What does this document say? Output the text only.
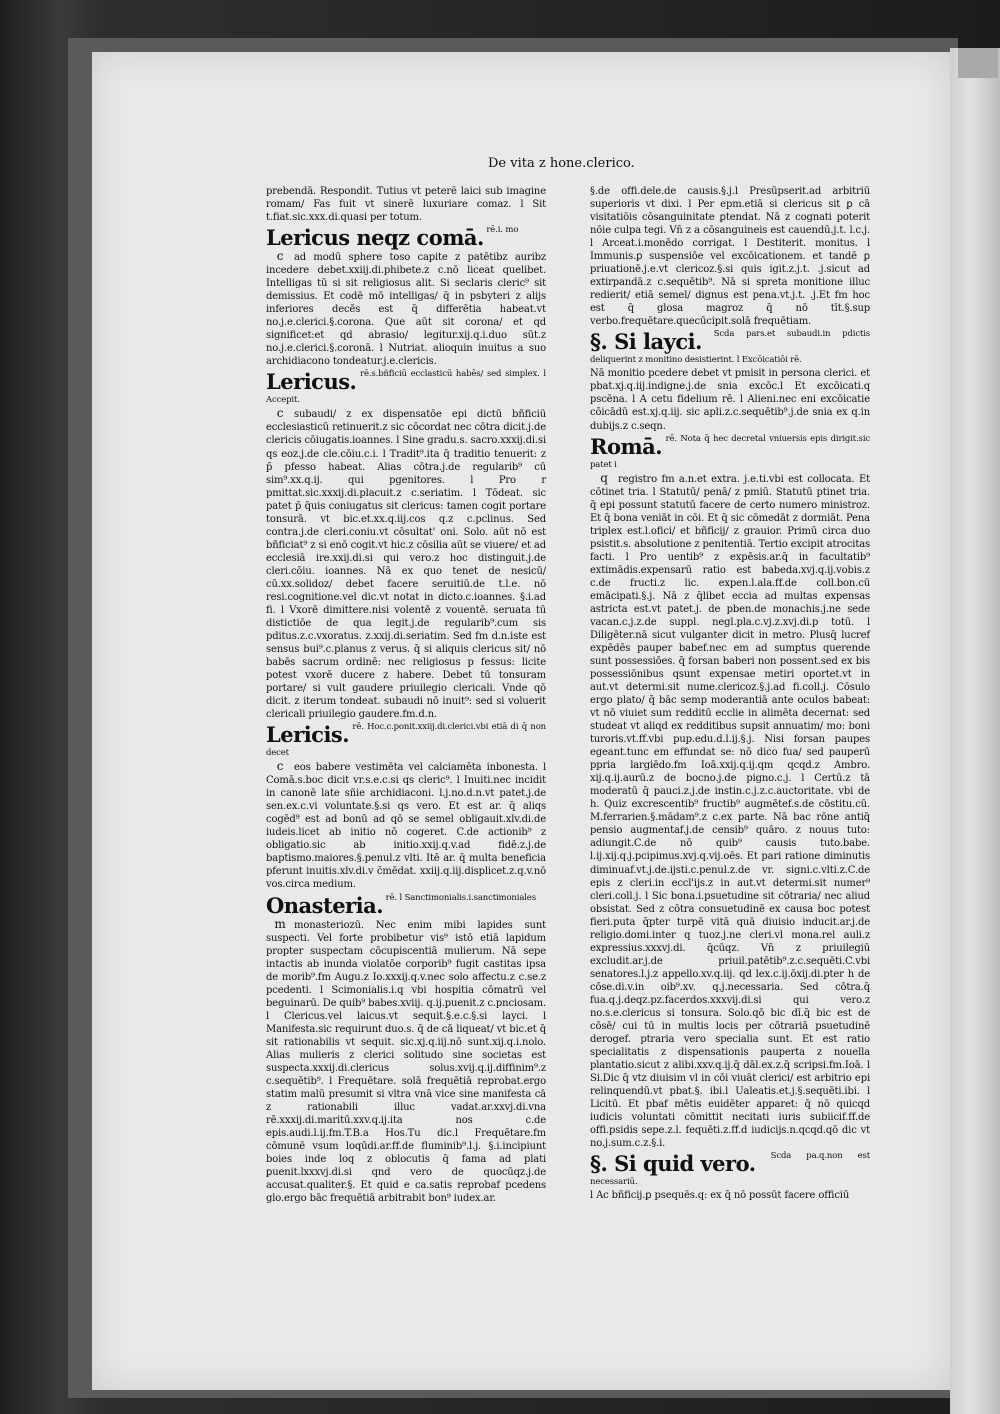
De vita z hone.clerico.

prebendā. Respondit. Tutius vt peterē laici sub imagine romam/ Fas fuit vt sinerē luxuriare comaz. l Sit t.fiat.sic.xxx.di.quasi per totum.

Lericus neqz comā. $^{rē.i. mo}$

c ad modū sphere toso capite z patētibz auribz incedere debet.xxiij.di.phibete.z c.nō liceat quelibet. Intelligas tū si sit religiosus alit. Si seclaris cleric⁹ sit demissius. Et codē mō intelligas/ q̄ in psbyteri z alijs inferiores decēs est q̄ differētia habeat.vt no.j.e.clerici.§.corona. Que aūt sit corona/ et qd significet:et qd abrasio/ legitur.xij.q.i.duo sūt.z no.j.e.clerici.§.coronā. l Nutriat. alioquin inuitus a suo archidiacono tondeatur.j.e.clericis.

Lericus. $^{rē.s.bñficiū ecclasticū habēs/ sed simplex. l Accepit.}$

c subaudi/ z ex dispensatōe epi dictū bñficiū ecclesiasticū retinuerit.z sic cōcordat nec cōtra dicit.j.de clericis cōiugatis.ioannes. l Sine gradu.s. sacro.xxxij.di.si qs eoz.j.de cle.cōiu.c.i. l Tradit⁹.ita q̄ traditio tenuerit: z p̄ pfesso habeat. Alias cōtra.j.de regularib⁹ cū sim⁹.xx.q.ij. qui pgenitores. l Pro r pmittat.sic.xxxij.di.placuit.z c.seriatim. l Tōdeat. sic patet p̄ q̄uis coniugatus sit clericus: tamen cogit portare tonsurā. vt bic.et.xx.q.iij.cos q.z c.pclinus. Sed contra.j.de cleri.coniu.vt cōsultat' oni. Solo. aūt nō est bñficiat⁹ z si enō cogit.vt hic.z cōsilia aūt se viuere/ et ad ecclesiā ire.xxij.di.si qui vero.z hoc distinguit.j.de cleri.cōiu. ioannes. Nā ex quo tenet de nesicū/ cū.xx.solidoz/ debet facere seruitiū.de t.l.e. nō resi.cognitione.vel dic.vt notat in dicto.c.ioannes. §.i.ad fi. l Vxorē dimittere.nisi volentē z vouentē. seruata tū distictiōe de qua legit.j.de regularib⁹.cum sis pditus.z.c.vxoratus. z.xxij.di.seriatim. Sed fm d.n.iste est sensus bui⁹.c.planus z verus. q̄ si aliquis clericus sit/ nō babēs sacrum ordinē: nec religiosus p fessus: licite potest vxorē ducere z habere. Debet tū tonsuram portare/ si vult gaudere priuilegio clericali. Vnde qō dicit. z iterum tondeat. subaudi nō inuit⁹: sed si voluerit clericali priuilegio gaudere.fm.d.n.

Lericis. $^{rē. Hoc.c.ponit.xxiij.di.clerici.vbi etiā di q̄ non decet}$

c eos babere vestimēta vel calciamēta inbonesta. l Comā.s.boc dicit vr.s.e.c.si qs cleric⁹. l Inuiti.nec incidit in canonē late sñie archidiaconi. l.j.no.d.n.vt patet.j.de sen.ex.c.vi voluntate.§.si qs vero. Et est ar. q̄ aliqs cogēd⁹ est ad bonū ad qō se semel obligauit.xlv.di.de iudeis.licet ab initio nō cogeret. C.de actionib⁹ z obligatio.sic ab initio.xxij.q.v.ad fidē.z.j.de baptismo.maiores.§.penul.z vlti. Itē ar. q̄ multa beneficia pferunt inuitis.xlv.di.v c̄mēdat. xxiij.q.iij.displicet.z.q.v.nō vos.circa medium.

Onasteria. $^{rē. l Sanctimonialis.i.sanctimoniales}$

m monasteriozū. Nec enim mibi lapides sunt suspecti. Vel forte probibetur vis⁹ istō etiā lapidum propter suspectam cōcupiscentiā mulierum. Nā sepe intactis ab inunda violatōe corporib⁹ fugit castitas ipsa de morib⁹.fm Augu.z Io.xxxij.q.v.nec solo affectu.z c.se.z pcedenti. l Scimonialis.i.q vbi hospitia cōmatrū vel beguinarū. De quib⁹ babes.xviij. q.ij.puenit.z c.pnciosam. l Clericus.vel laicus.vt sequit.§.e.c.§.si layci. l Manifesta.sic requirunt duo.s. q̄ de cā liqueat/ vt bic.et q̄ sit rationabilis vt sequit. sic.xj.q.iij.nō sunt.xij.q.i.nolo. Alias mulieris z clerici solitudo sine societas est suspecta.xxxij.di.clericus solus.xvij.q.ij.diffinim⁹.z c.sequētib⁹. l Frequētare. solā frequētiā reprobat.ergo statim malū presumit si vltra vnā vice sine manifesta cā z rationabili illuc vadat.ar.xxvj.di.vna rē.xxxij.di.maritū.xxv.q.ij.ita nos c.de epis.audi.l.ij.fm.T.B.a Hos.Tu dic.l Frequētare.fm cōmunē vsum loqūdi.ar.ff.de fluminib⁹.l.j. §.i.incipiunt boies inde loq z oblocutis q̄ fama ad plati ꝑuenit.lxxxvj.di.si qnd vero de quocūqz.j.de accusat.qualiter.§. Et quid e ca.satis reprobaf pcedens glo.ergo bāc frequētiā arbitrabit bon⁹ iudex.ar.

§.de offi.dele.de causis.§.j.l Presūpserit.ad arbitriū superioris vt dixi. l Per epm.etiā si clericus sit ꝑ cā visitatiōis cōsanguinitate ꝑtendat. Nā z cognati poterit nōie culpa tegi. Vn̄ z a cōsanguineis est cauendū.j.t. l.c.j. l Arceat.i.monēdo corrigat. l Destiterit. monitus. l Immunis.ꝑ suspensiōe vel excōicationem. et tandē ꝑ priuationē.j.e.vt clericoz.§.si quis igit.z.j.t. .j.sicut ad extirpandā.z c.sequētib⁹. Nā si spreta monitione illuc redierit/ etiā semel/ dignus est pena.vt.j.t. .j.Et fm hoc est q̄ glosa magroz q̄ nō tīt.§.sup verbo.frequētare.quecūcipit.solā frequētiam.

§. Si layci. $^{Scda pars.et subaudi.in pdictis deliquerint z monitino desistierint. l Excōicatiōi rē.}$

Nā monitio pcedere debet vt pmisit in persona clerici. et pbat.xj.q.iij.indigne.j.de snia excōc.l Et excōicati.q pscēna. l A cetu fidelium rē. l Alieni.nec eni excōicatie cōicādū est.xj.q.iij. sic apli.z.c.sequētib⁹.j.de snia ex q.in dubijs.z c.seqn.

Romā. $^{rē. Nota q̄ hec decretal vniuersis epis dirigit.sic patet i}$

q registro fm a.n.et extra. j.e.ti.vbi est collocata. Et cōtinet tria. l Statutū/ penā/ z pmiū. Statutū ptinet tria. q̄ epi possunt statutū facere de certo numero ministroz. Et q̄ bona veniāt in cōi. Et q̄ sic cōmedāt z dormiāt. Pena triplex est.l.ofici/ et bñficij/ z grauior. Primū circa duo psistit.s. absolutione z penitentiā. Tertio excipit atrocitas facti. l Pro uentib⁹ z expēsis.ar.q̄ in facultatib⁹ extimādis.expensarū ratio est babeda.xvj.q.ij.vobis.z c.de fructi.z lic. expen.l.ala.ff.de coll.bon.cū emācipati.§.j. Nā z q̄libet eccia ad multas expensas astricta est.vt patet.j. de pben.de monachis.j.ne sede vacan.c.j.z.de suppl. negl.pla.c.vj.z.xvj.di.p totū. l Diligēter.nā sicut vulganter dicit in metro. Plusq̄ lucref expēdēs pauper babef.nec em ad sumptus querende sunt possessiōes. q̄ forsan baberi non possent.sed ex bis possessiōnibus qsunt expensae metiri oportet.vt in aut.vt determi.sit nume.clericoz.§.j.ad fi.coll.j. Cōsulo ergo plato/ q̄ bāc semp moderantiā ante oculos babeat: vt nō viuiet sum redditū ecclie in alimēta decernat: sed studeat vt aliqd ex redditibus supsit annuatim/ mo: boni turoris.vt.ff.vbi pup.edu.d.l.ij.§.j. Nisi forsan paupes egeant.tunc em effundat se: nō dico fua/ sed pauperū ppria largiēdo.fm Ioā.xxij.q.ij.qm qcqd.z Ambro. xij.q.ij.aurū.z de bocno.j.de pigno.c.j. l Certū.z tā moderatū q̄ pauci.z.j.de instin.c.j.z.c.auctoritate. vbi de h. Quiz excrescentib⁹ fructib⁹ augmētef.s.de cōstitu.cū. M.ferrarien.§.mādam⁹.z c.ex parte. Nā bac rōne antiq̄ pensio augmentaf.j.de censib⁹ quāro. z nouus tuto: adiungit.C.de nō quib⁹ causis tuto.babe. l.ij.xij.q.j.pcipimus.xvj.q.vij.oēs. Et pari ratione diminutis diminuaf.vt.j.de.ijsti.c.penul.z.de vr. signi.c.vlti.z.C.de epis z cleri.in eccl'ijs.z in aut.vt determi.sit numer⁹ cleri.coll.j. l Sic bona.i.psuetudine sit cōtraria/ nec aliud obsistat. Sed z cōtra consuetudinē ex causa boc potest fieri.puta q̄pter turpē vitā quā diuisio inducit.ar.j.de religio.domi.inter q tuoz.j.ne cleri.vl mona.rel auli.z expressius.xxxvj.di. q̄cūqz. Vn̄ z priuilegiū excludit.ar.j.de priuil.patētib⁹.z.c.sequēti.C.vbi senatores.l.j.z appello.xv.q.iij. qd lex.c.ij.ōxij.di.pter h de cōse.di.v.in oib⁹.xv. q.j.necessaria. Sed cōtra.q̄ fua.q.j.deqz.pz.facerdos.xxxvij.di.si qui vero.z no.s.e.clericus si tonsura. Solo.qō bic dī.q̄ bic est de cōsē/ cui tū in multis locis per cōtrariā psuetudinē derogef. ptraria vero specialia sunt. Et est ratio specialitatis z dispensationis pauperta z nouella plantatio.sicut z alibi.xxv.q.ij.q̄ dāl.ex.z.q̄ scripsi.fm.Ioā. l Si.Dic q̄ vtz diuisim vl in cōi viuāt clerici/ est arbitrio epi relinquendū.vt pbat.§. ibi.l Ualeatis.et.j.§.sequēti.ibi. l Licitū. Et pbaf mētis euidēter apparet: q̄ nō quicqd iudicis voluntati cōmittit necitati iuris subiicif.ff.de offi.psidis sepe.z.l. fequēti.z.ff.d iudicijs.n.qcqd.qō dic vt no.j.sum.c.z.§.i.

§. Si quid vero. $^{Scda pa.q.non est necessariū.}$

l Ac bñficij.ꝑ psequēs.q: ex q̄ nō possūt facere officiū
